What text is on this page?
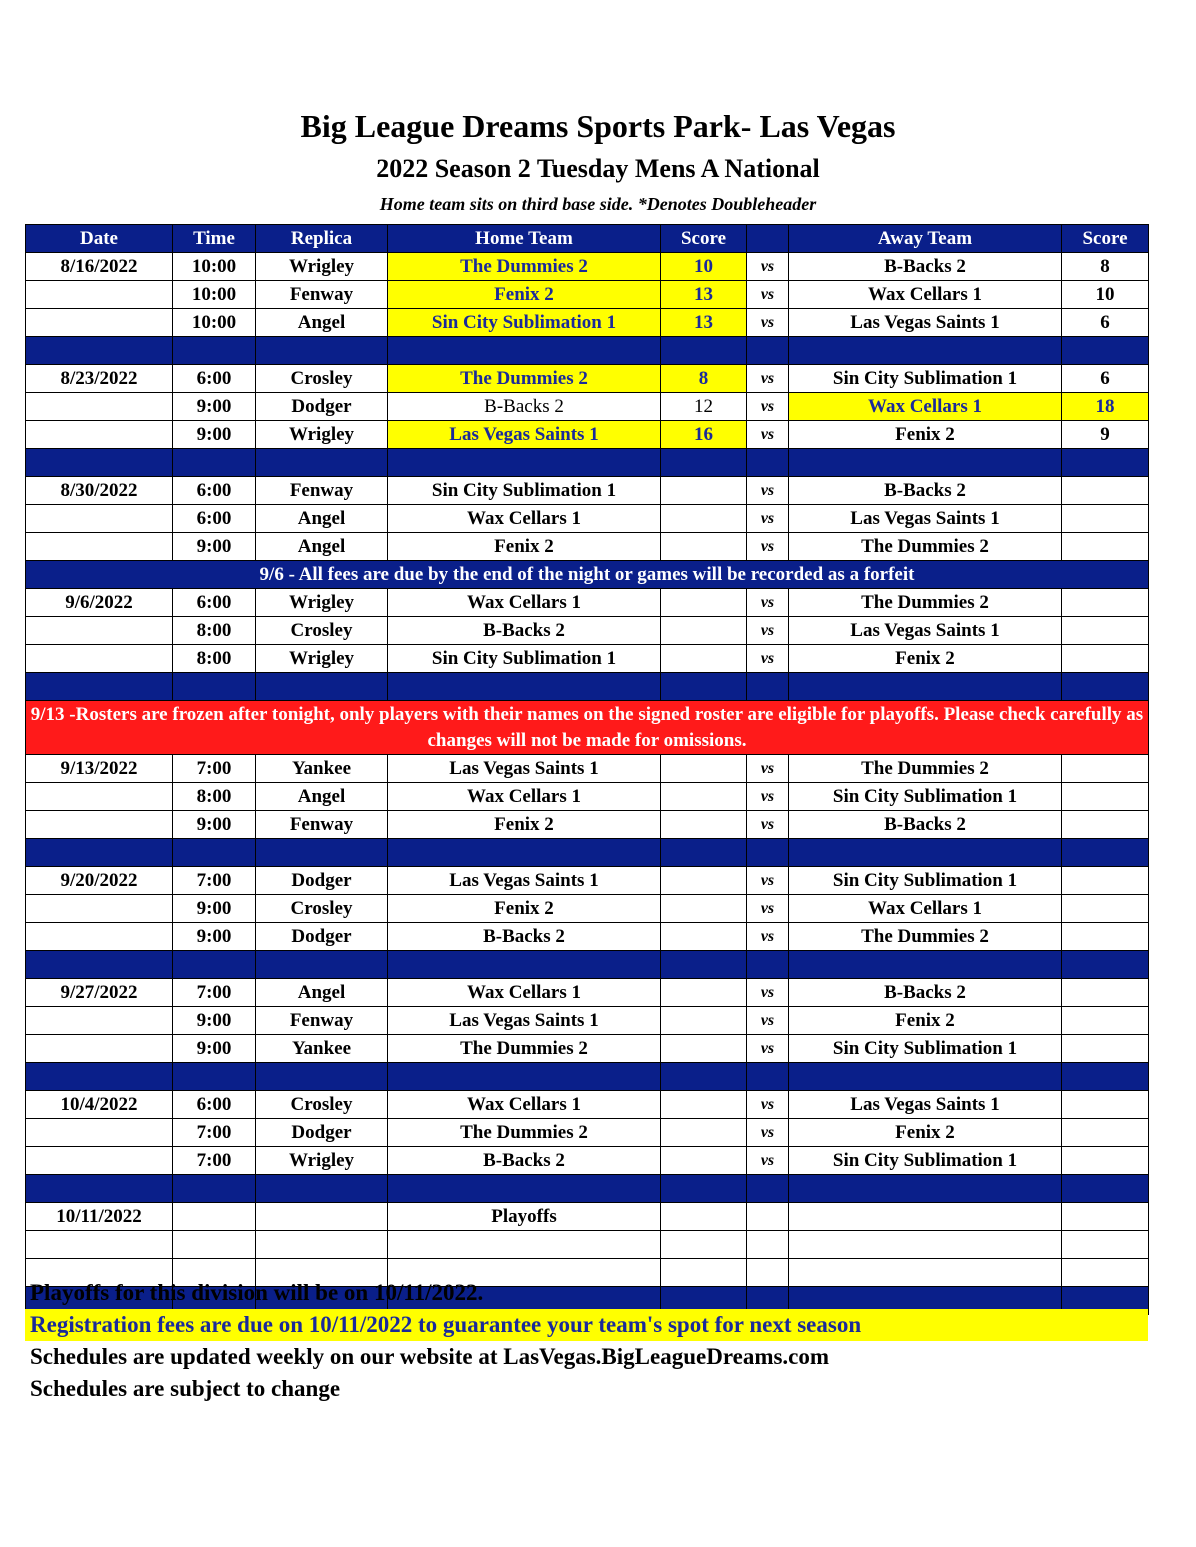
Big League Dreams Sports Park- Las Vegas
2022 Season 2 Tuesday Mens A National
Home team sits on third base side. *Denotes Doubleheader
Date	Time	Replica	Home Team	Score		Away Team	Score
8/16/2022	10:00	Wrigley	The Dummies 2	10	vs	B-Backs 2	8
	10:00	Fenway	Fenix 2	13	vs	Wax Cellars 1	10
	10:00	Angel	Sin City Sublimation 1	13	vs	Las Vegas Saints 1	6

8/23/2022	6:00	Crosley	The Dummies 2	8	vs	Sin City Sublimation 1	6
	9:00	Dodger	B-Backs 2	12	vs	Wax Cellars 1	18
	9:00	Wrigley	Las Vegas Saints 1	16	vs	Fenix 2	9

8/30/2022	6:00	Fenway	Sin City Sublimation 1		vs	B-Backs 2	
	6:00	Angel	Wax Cellars 1		vs	Las Vegas Saints 1	
	9:00	Angel	Fenix 2		vs	The Dummies 2	
9/6 - All fees are due by the end of the night or games will be recorded as a forfeit							
9/6/2022	6:00	Wrigley	Wax Cellars 1		vs	The Dummies 2	
	8:00	Crosley	B-Backs 2		vs	Las Vegas Saints 1	
	8:00	Wrigley	Sin City Sublimation 1		vs	Fenix 2	

9/13 -Rosters are frozen after tonight, only players with their names on the signed roster are eligible for playoffs. Please check carefully as changes will not be made for omissions.							
9/13/2022	7:00	Yankee	Las Vegas Saints 1		vs	The Dummies 2	
	8:00	Angel	Wax Cellars 1		vs	Sin City Sublimation 1	
	9:00	Fenway	Fenix 2		vs	B-Backs 2	

9/20/2022	7:00	Dodger	Las Vegas Saints 1		vs	Sin City Sublimation 1	
	9:00	Crosley	Fenix 2		vs	Wax Cellars 1	
	9:00	Dodger	B-Backs 2		vs	The Dummies 2	

9/27/2022	7:00	Angel	Wax Cellars 1		vs	B-Backs 2	
	9:00	Fenway	Las Vegas Saints 1		vs	Fenix 2	
	9:00	Yankee	The Dummies 2		vs	Sin City Sublimation 1	

10/4/2022	6:00	Crosley	Wax Cellars 1		vs	Las Vegas Saints 1	
	7:00	Dodger	The Dummies 2		vs	Fenix 2	
	7:00	Wrigley	B-Backs 2		vs	Sin City Sublimation 1	

10/11/2022			Playoffs				

Playoffs for this division will be on 10/11/2022.
Registration fees are due on 10/11/2022 to guarantee your team's spot for next season
Schedules are updated weekly on our website at LasVegas.BigLeagueDreams.com
Schedules are subject to change
